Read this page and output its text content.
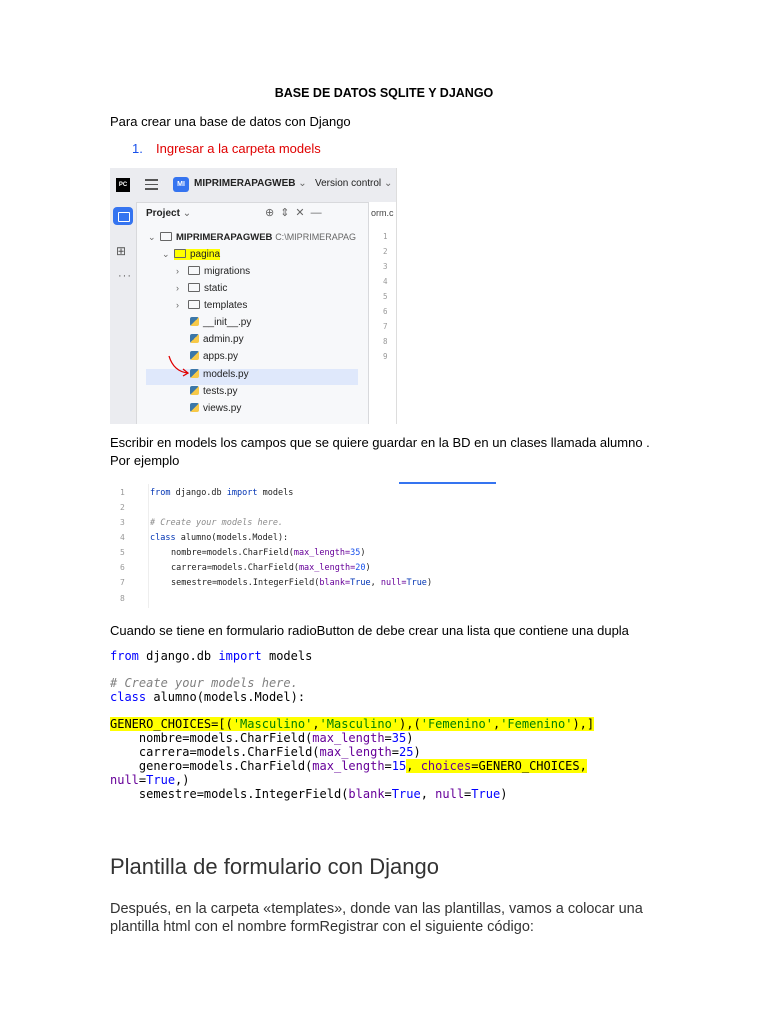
BASE DE DATOS SQLITE Y DJANGO
Para crear una base de datos con Django
1. Ingresar a la carpeta models
PC	MI MIPRIMERAPAGWEB ⌄ Version control ⌄
⊞
···
Project ⌄	⊕⇕✕—
⌄ MIPRIMERAPAGWEB C:\MIPRIMERAPAG
⌄ pagina
›	migrations
›	static
›	templates
__init__.py
admin.py
apps.py
models.py
tests.py
views.py
orm.c
1
2
3
4
5
6
7
8
9
Escribir en models los campos que se quiere guardar en la BD en un clases llamada alumno . Por ejemplo
1
2
3
4
5
6
7
8
from django.db import models
# Create your models here.
class alumno(models.Model):
nombre=models.CharField(max_length=35)
carrera=models.CharField(max_length=20)
semestre=models.IntegerField(blank=True, null=True)
Cuando se tiene en formulario radioButton de debe crear una lista que contiene una dupla
from django.db import models
# Create your models here.
class alumno(models.Model):
GENERO_CHOICES=[('Masculino','Masculino'),('Femenino','Femenino'),]
nombre=models.CharField(max_length=35)
carrera=models.CharField(max_length=25)
genero=models.CharField(max_length=15, choices=GENERO_CHOICES,
null=True,)
semestre=models.IntegerField(blank=True, null=True)
Plantilla de formulario con Django
Después, en la carpeta «templates», donde van las plantillas, vamos a colocar una plantilla html con el nombre formRegistrar con el siguiente código:
